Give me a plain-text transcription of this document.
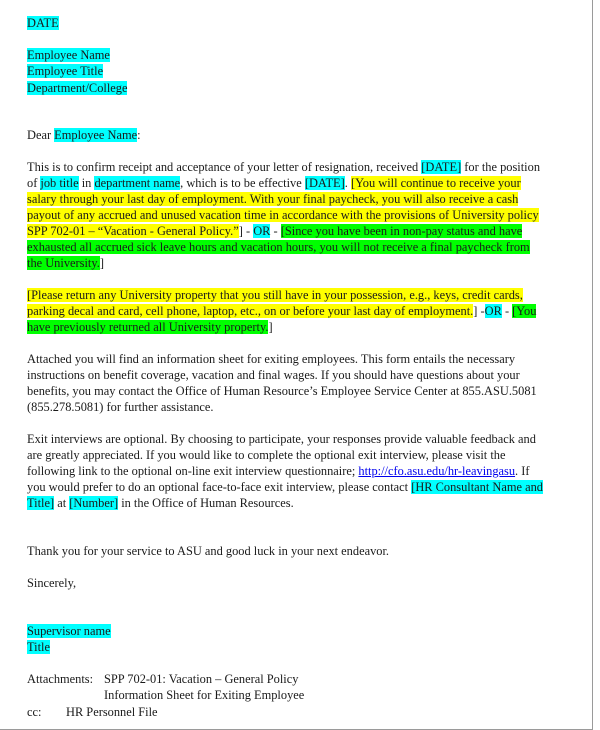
DATE
Employee Name
Employee Title
Department/College
Dear Employee Name:
This is to confirm receipt and acceptance of your letter of resignation, received [DATE] for the position
of job title in department name, which is to be effective [DATE]. [You will continue to receive your
salary through your last day of employment. With your final paycheck, you will also receive a cash
payout of any accrued and unused vacation time in accordance with the provisions of University policy
SPP 702-01 – “Vacation - General Policy.”] - OR - [Since you have been in non-pay status and have
exhausted all accrued sick leave hours and vacation hours, you will not receive a final paycheck from
the University.]
[Please return any University property that you still have in your possession, e.g., keys, credit cards,
parking decal and card, cell phone, laptop, etc., on or before your last day of employment.] -OR - [You
have previously returned all University property.]
Attached you will find an information sheet for exiting employees. This form entails the necessary
instructions on benefit coverage, vacation and final wages. If you should have questions about your
benefits, you may contact the Office of Human Resource’s Employee Service Center at 855.ASU.5081
(855.278.5081) for further assistance.
Exit interviews are optional. By choosing to participate, your responses provide valuable feedback and
are greatly appreciated. If you would like to complete the optional exit interview, please visit the
following link to the optional on-line exit interview questionnaire; http://cfo.asu.edu/hr-leavingasu. If
you would prefer to do an optional face-to-face exit interview, please contact [HR Consultant Name and
Title] at [Number] in the Office of Human Resources.
Thank you for your service to ASU and good luck in your next endeavor.
Sincerely,
Supervisor name
Title
Attachments: SPP 702-01: Vacation – General Policy
Information Sheet for Exiting Employee
cc: HR Personnel File
